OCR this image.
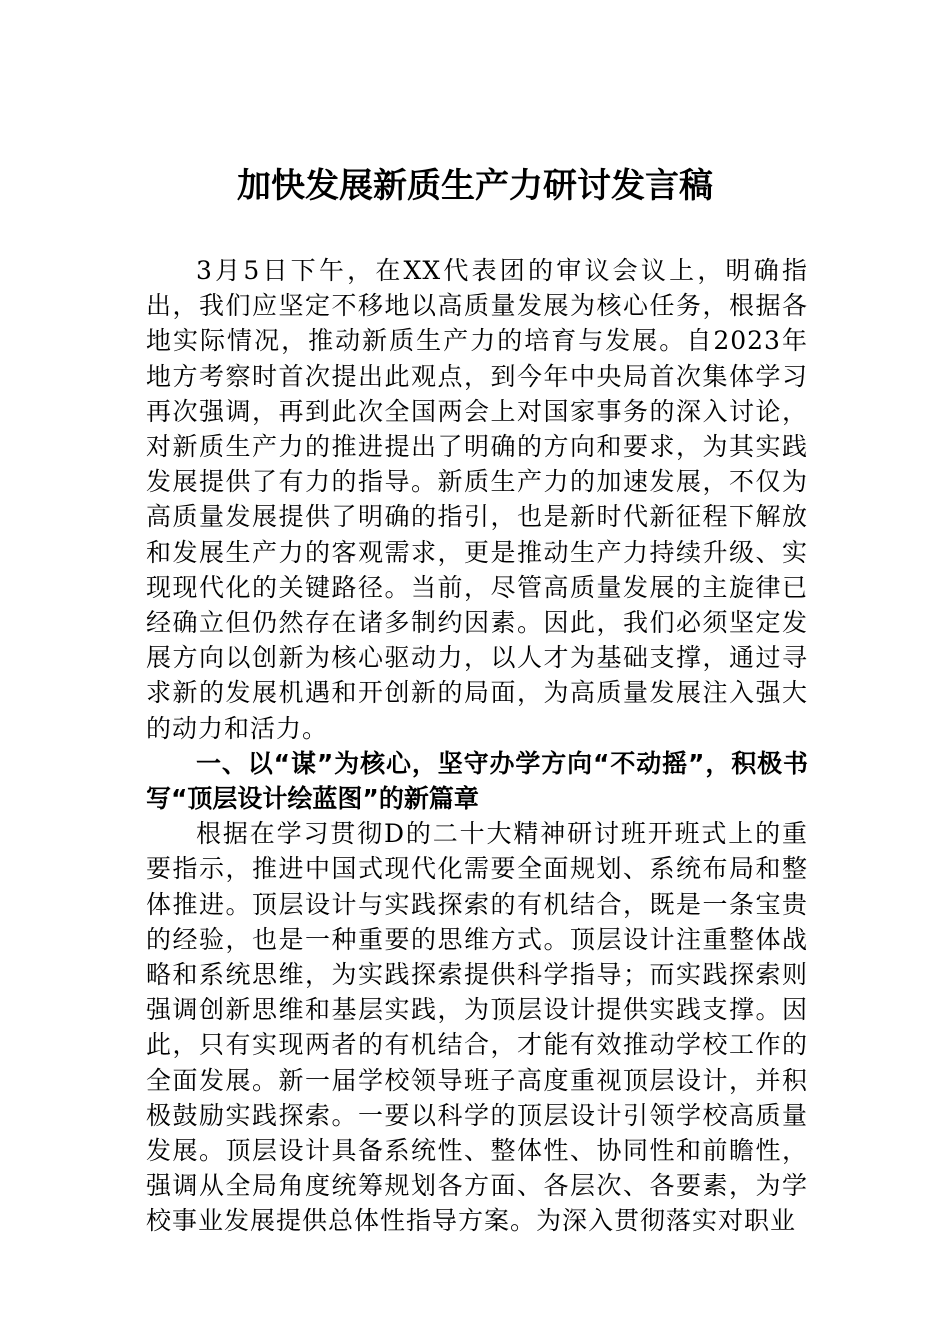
加快发展新质生产力研讨发言稿

3月5日下午，在XX代表团的审议会议上，明确指出，我们应坚定不移地以高质量发展为核心任务，根据各地实际情况，推动新质生产力的培育与发展。自2023年地方考察时首次提出此观点，到今年中央局首次集体学习再次强调，再到此次全国两会上对国家事务的深入讨论，对新质生产力的推进提出了明确的方向和要求，为其实践发展提供了有力的指导。新质生产力的加速发展，不仅为高质量发展提供了明确的指引，也是新时代新征程下解放和发展生产力的客观需求，更是推动生产力持续升级、实现现代化的关键路径。当前，尽管高质量发展的主旋律已经确立但仍然存在诸多制约因素。因此，我们必须坚定发展方向以创新为核心驱动力，以人才为基础支撑，通过寻求新的发展机遇和开创新的局面，为高质量发展注入强大的动力和活力。

一、以“谋”为核心，坚守办学方向“不动摇”，积极书写“顶层设计绘蓝图”的新篇章

根据在学习贯彻D的二十大精神研讨班开班式上的重要指示，推进中国式现代化需要全面规划、系统布局和整体推进。顶层设计与实践探索的有机结合，既是一条宝贵的经验，也是一种重要的思维方式。顶层设计注重整体战略和系统思维，为实践探索提供科学指导；而实践探索则强调创新思维和基层实践，为顶层设计提供实践支撑。因此，只有实现两者的有机结合，才能有效推动学校工作的全面发展。新一届学校领导班子高度重视顶层设计，并积极鼓励实践探索。一要以科学的顶层设计引领学校高质量发展。顶层设计具备系统性、整体性、协同性和前瞻性，强调从全局角度统筹规划各方面、各层次、各要素，为学校事业发展提供总体性指导方案。为深入贯彻落实对职业
